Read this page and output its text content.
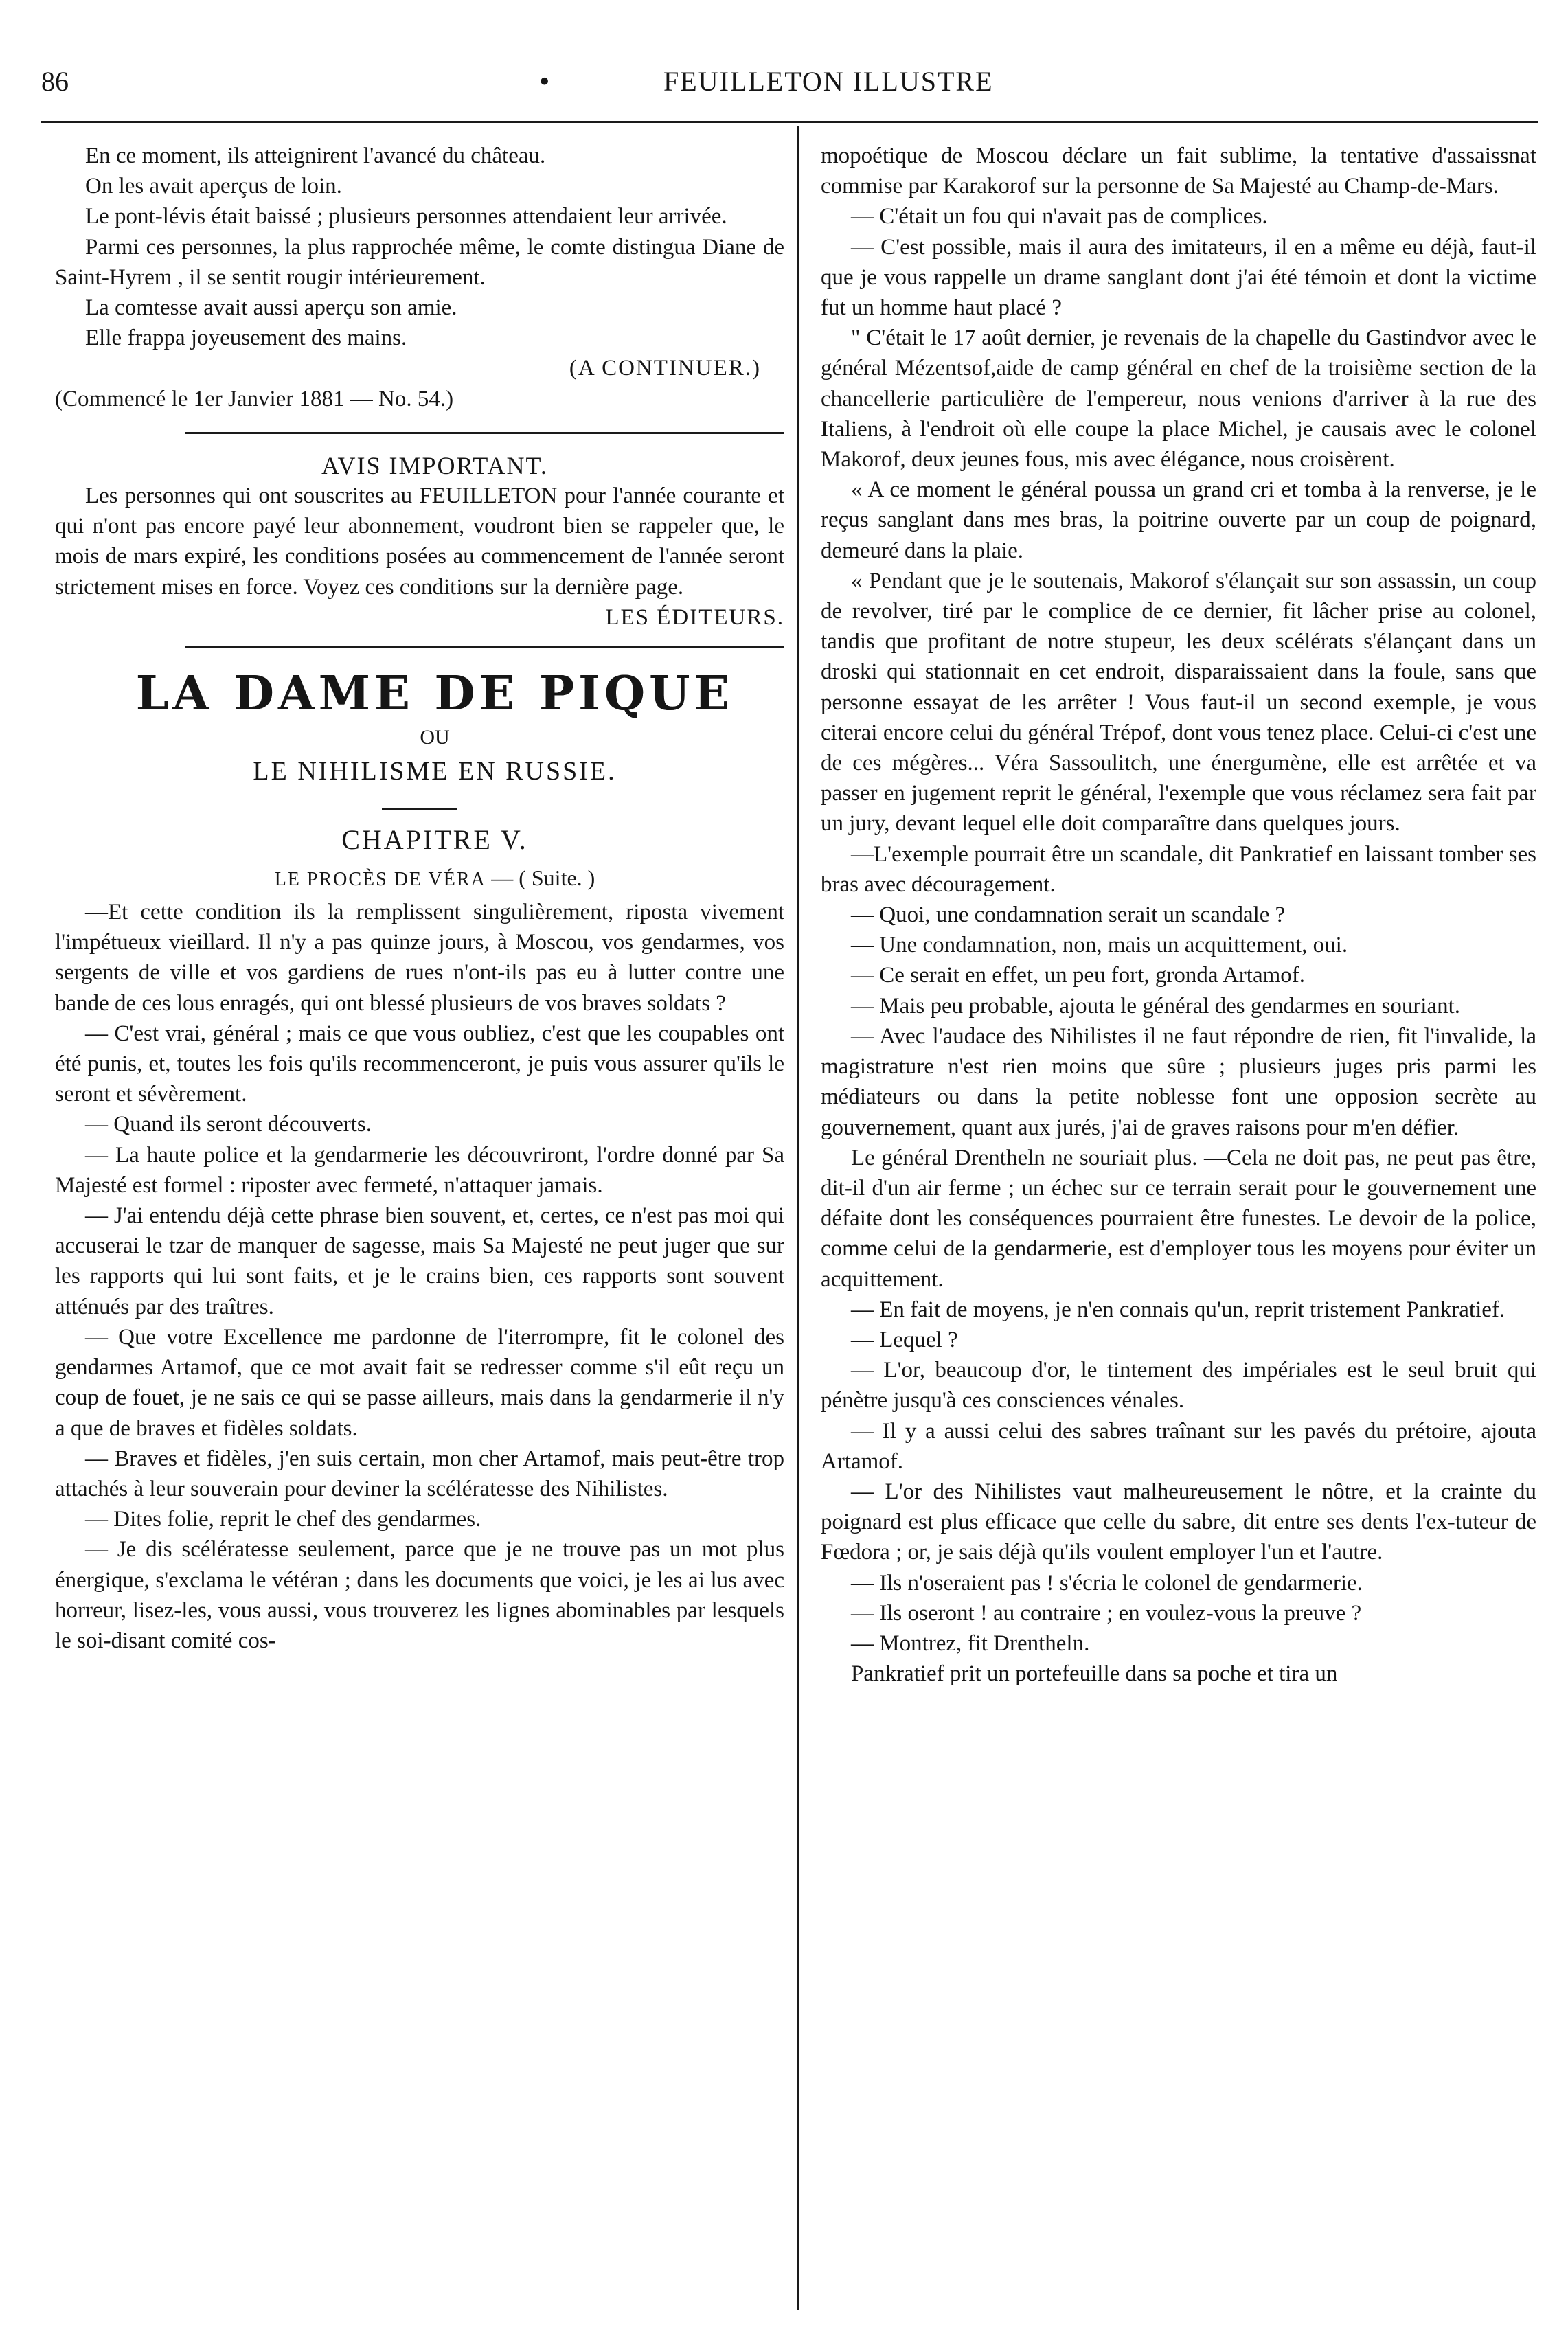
86	•	FEUILLETON ILLUSTRE

En ce moment, ils atteignirent l'avancé du château.

On les avait aperçus de loin.

Le pont-lévis était baissé ; plusieurs personnes attendaient leur arrivée.

Parmi ces personnes, la plus rapprochée même, le comte distingua Diane de Saint-Hyrem , il se sentit rougir intérieurement.

La comtesse avait aussi aperçu son amie.

Elle frappa joyeusement des mains.

(A CONTINUER.)

(Commencé le 1er Janvier 1881 — No. 54.)

AVIS IMPORTANT.

Les personnes qui ont souscrites au FEUILLETON pour l'année courante et qui n'ont pas encore payé leur abonnement, voudront bien se rappeler que, le mois de mars expiré, les conditions posées au commencement de l'année seront strictement mises en force. Voyez ces conditions sur la dernière page.

LES ÉDITEURS.

LA DAME DE PIQUE

OU

LE NIHILISME EN RUSSIE.

CHAPITRE V.

LE PROCÈS DE VÉRA — ( Suite. )

—Et cette condition ils la remplissent singulièrement, riposta vivement l'impétueux vieillard. Il n'y a pas quinze jours, à Moscou, vos gendarmes, vos sergents de ville et vos gardiens de rues n'ont-ils pas eu à lutter contre une bande de ces lous enragés, qui ont blessé plusieurs de vos braves soldats ?

— C'est vrai, général ; mais ce que vous oubliez, c'est que les coupables ont été punis, et, toutes les fois qu'ils recommenceront, je puis vous assurer qu'ils le seront et sévèrement.

— Quand ils seront découverts.

— La haute police et la gendarmerie les découvriront, l'ordre donné par Sa Majesté est formel : riposter avec fermeté, n'attaquer jamais.

— J'ai entendu déjà cette phrase bien souvent, et, certes, ce n'est pas moi qui accuserai le tzar de manquer de sagesse, mais Sa Majesté ne peut juger que sur les rapports qui lui sont faits, et je le crains bien, ces rapports sont souvent atténués par des traîtres.

— Que votre Excellence me pardonne de l'iterrompre, fit le colonel des gendarmes Artamof, que ce mot avait fait se redresser comme s'il eût reçu un coup de fouet, je ne sais ce qui se passe ailleurs, mais dans la gendarmerie il n'y a que de braves et fidèles soldats.

— Braves et fidèles, j'en suis certain, mon cher Artamof, mais peut-être trop attachés à leur souverain pour deviner la scélératesse des Nihilistes.

— Dites folie, reprit le chef des gendarmes.

— Je dis scélératesse seulement, parce que je ne trouve pas un mot plus énergique, s'exclama le vétéran ; dans les documents que voici, je les ai lus avec horreur, lisez-les, vous aussi, vous trouverez les lignes abominables par lesquels le soi-disant comité cos-

mopoétique de Moscou déclare un fait sublime, la tentative d'assaissnat commise par Karakorof sur la personne de Sa Majesté au Champ-de-Mars.

— C'était un fou qui n'avait pas de complices.

— C'est possible, mais il aura des imitateurs, il en a même eu déjà, faut-il que je vous rappelle un drame sanglant dont j'ai été témoin et dont la victime fut un homme haut placé ?

" C'était le 17 août dernier, je revenais de la chapelle du Gastindvor avec le général Mézentsof,aide de camp général en chef de la troisième section de la chancellerie particulière de l'empereur, nous venions d'arriver à la rue des Italiens, à l'endroit où elle coupe la place Michel, je causais avec le colonel Makorof, deux jeunes fous, mis avec élégance, nous croisèrent.

« A ce moment le général poussa un grand cri et tomba à la renverse, je le reçus sanglant dans mes bras, la poitrine ouverte par un coup de poignard, demeuré dans la plaie.

« Pendant que je le soutenais, Makorof s'élançait sur son assassin, un coup de revolver, tiré par le complice de ce dernier, fit lâcher prise au colonel, tandis que profitant de notre stupeur, les deux scélérats s'élançant dans un droski qui stationnait en cet endroit, disparaissaient dans la foule, sans que personne essayat de les arrêter ! Vous faut-il un second exemple, je vous citerai encore celui du général Trépof, dont vous tenez place. Celui-ci c'est une de ces mégères... Véra Sassoulitch, une énergumène, elle est arrêtée et va passer en jugement reprit le général, l'exemple que vous réclamez sera fait par un jury, devant lequel elle doit comparaître dans quelques jours.

—L'exemple pourrait être un scandale, dit Pankratief en laissant tomber ses bras avec découragement.

— Quoi, une condamnation serait un scandale ?

— Une condamnation, non, mais un acquittement, oui.

— Ce serait en effet, un peu fort, gronda Artamof.

— Mais peu probable, ajouta le général des gendarmes en souriant.

— Avec l'audace des Nihilistes il ne faut répondre de rien, fit l'invalide, la magistrature n'est rien moins que sûre ; plusieurs juges pris parmi les médiateurs ou dans la petite noblesse font une opposion secrète au gouvernement, quant aux jurés, j'ai de graves raisons pour m'en défier.

Le général Drentheln ne souriait plus. —Cela ne doit pas, ne peut pas être, dit-il d'un air ferme ; un échec sur ce terrain serait pour le gouvernement une défaite dont les conséquences pourraient être funestes. Le devoir de la police, comme celui de la gendarmerie, est d'employer tous les moyens pour éviter un acquittement.

— En fait de moyens, je n'en connais qu'un, reprit tristement Pankratief.

— Lequel ?

— L'or, beaucoup d'or, le tintement des impériales est le seul bruit qui pénètre jusqu'à ces consciences vénales.

— Il y a aussi celui des sabres traînant sur les pavés du prétoire, ajouta Artamof.

— L'or des Nihilistes vaut malheureusement le nôtre, et la crainte du poignard est plus efficace que celle du sabre, dit entre ses dents l'ex-tuteur de Fœdora ; or, je sais déjà qu'ils voulent employer l'un et l'autre.

— Ils n'oseraient pas ! s'écria le colonel de gendarmerie.

— Ils oseront ! au contraire ; en voulez-vous la preuve ?

— Montrez, fit Drentheln.

Pankratief prit un portefeuille dans sa poche et tira un
